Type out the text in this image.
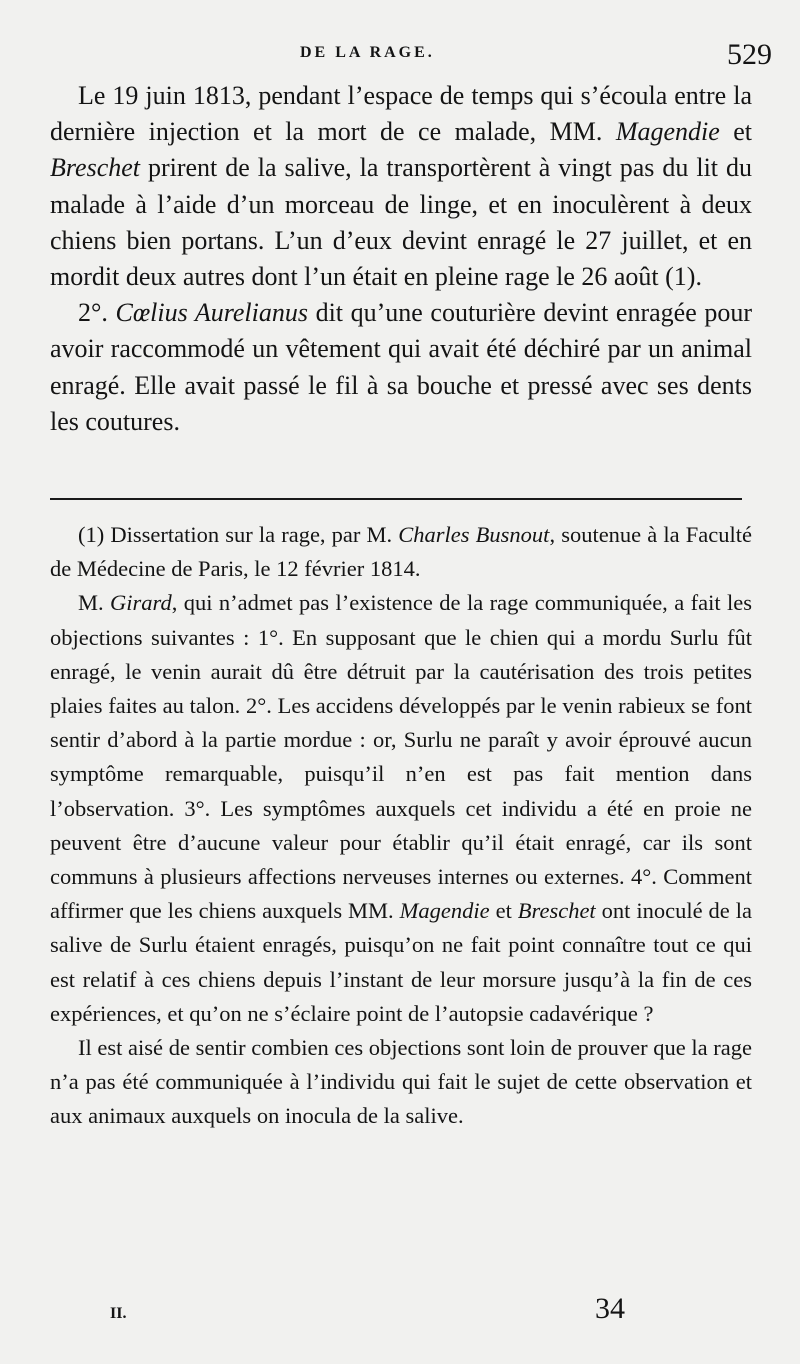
DE LA RAGE.	529

Le 19 juin 1813, pendant l’espace de temps qui s’écoula entre la dernière injection et la mort de ce malade, MM. Magendie et Breschet prirent de la salive, la transportèrent à vingt pas du lit du malade à l’aide d’un morceau de linge, et en inoculèrent à deux chiens bien portans. L’un d’eux devint enragé le 27 juillet, et en mordit deux autres dont l’un était en pleine rage le 26 août (1).

2°. Cœlius Aurelianus dit qu’une couturière devint enragée pour avoir raccommodé un vêtement qui avait été déchiré par un animal enragé. Elle avait passé le fil à sa bouche et pressé avec ses dents les coutures.

(1) Dissertation sur la rage, par M. Charles Busnout, soutenue à la Faculté de Médecine de Paris, le 12 février 1814.

M. Girard, qui n’admet pas l’existence de la rage communiquée, a fait les objections suivantes : 1°. En supposant que le chien qui a mordu Surlu fût enragé, le venin aurait dû être détruit par la cautérisation des trois petites plaies faites au talon. 2°. Les accidens développés par le venin rabieux se font sentir d’abord à la partie mordue : or, Surlu ne paraît y avoir éprouvé aucun symptôme remarquable, puisqu’il n’en est pas fait mention dans l’observation. 3°. Les symptômes auxquels cet individu a été en proie ne peuvent être d’aucune valeur pour établir qu’il était enragé, car ils sont communs à plusieurs affections nerveuses internes ou externes. 4°. Comment affirmer que les chiens auxquels MM. Magendie et Breschet ont inoculé de la salive de Surlu étaient enragés, puisqu’on ne fait point connaître tout ce qui est relatif à ces chiens depuis l’instant de leur morsure jusqu’à la fin de ces expériences, et qu’on ne s’éclaire point de l’autopsie cadavérique ?

Il est aisé de sentir combien ces objections sont loin de prouver que la rage n’a pas été communiquée à l’individu qui fait le sujet de cette observation et aux animaux auxquels on inocula de la salive.

II.	34
